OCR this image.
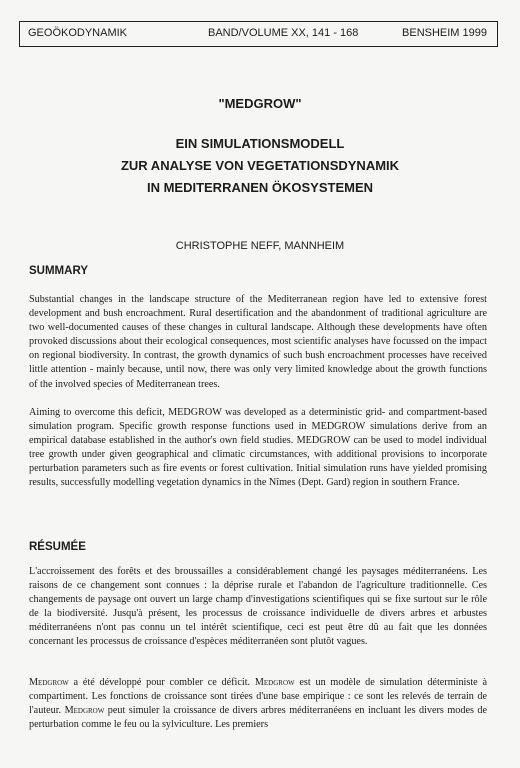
GEOÖKODYNAMIK	BAND/VOLUME XX, 141 - 168	BENSHEIM 1999
"MEDGROW"
EIN SIMULATIONSMODELL
ZUR ANALYSE VON VEGETATIONSDYNAMIK
IN MEDITERRANEN ÖKOSYSTEMEN
CHRISTOPHE NEFF, MANNHEIM
SUMMARY

Substantial changes in the landscape structure of the Mediterranean region have led to extensive forest development and bush encroachment. Rural desertification and the abandonment of traditional agriculture are two well-documented causes of these changes in cultural landscape. Although these developments have often provoked discussions about their ecological consequences, most scientific analyses have focussed on the impact on regional biodiversity. In contrast, the growth dynamics of such bush encroachment processes have received little attention - mainly because, until now, there was only very limited knowledge about the growth functions of the involved species of Mediterranean trees.

Aiming to overcome this deficit, MEDGROW was developed as a deterministic grid- and compartment-based simulation program. Specific growth response functions used in MEDGROW simulations derive from an empirical database established in the author's own field studies. MEDGROW can be used to model individual tree growth under given geographical and climatic circumstances, with additional provisions to incorporate perturbation parameters such as fire events or forest cultivation. Initial simulation runs have yielded promising results, successfully modelling vegetation dynamics in the Nîmes (Dept. Gard) region in southern France.

RÉSUMÉE

L'accroissement des forêts et des broussailles a considérablement changé les paysages méditerranéens. Les raisons de ce changement sont connues : la déprise rurale et l'abandon de l'agriculture traditionnelle. Ces changements de paysage ont ouvert un large champ d'investigations scientifiques qui se fixe surtout sur le rôle de la biodiversité. Jusqu'à présent, les processus de croissance individuelle de divers arbres et arbustes méditerranéens n'ont pas connu un tel intérêt scientifique, ceci est peut être dû au fait que les données concernant les processus de croissance d'espèces méditerranéen sont plutôt vagues.

Medgrow a été développé pour combler ce déficit. Medgrow est un modèle de simulation déterministe à compartiment. Les fonctions de croissance sont tirées d'une base empirique : ce sont les relevés de terrain de l'auteur. Medgrow peut simuler la croissance de divers arbres méditerranéens en incluant les divers modes de perturbation comme le feu ou la sylviculture. Les premiers
